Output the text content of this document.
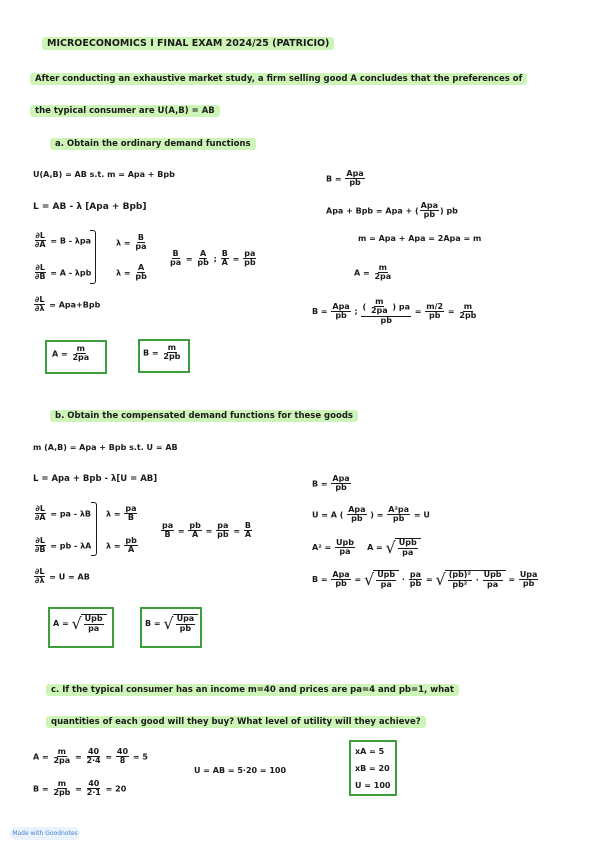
MICROECONOMICS I FINAL EXAM 2024/25 (PATRICIO)
After conducting an exhaustive market study, a firm selling good A concludes that the preferences of
the typical consumer are U(A,B) = AB
a. Obtain the ordinary demand functions
U(A,B) = AB s.t. m = Apa + Bpb
L = AB - λ [Apa + Bpb]
$\frac{\partial L}{\partial A} = B - \lambda pa$
$\frac{\partial L}{\partial B} = A - \lambda pb$
$\frac{\partial L}{\partial\lambda} = Apa+Bpb$
$\lambda = \frac{B}{pa}$
$\lambda = \frac{A}{pb}$
$\frac{B}{pa} = \frac{A}{pb}$ ; $\frac{B}{A} = \frac{pa}{pb}$
$B = \frac{\text{Apa}}{pb}$
Apa + Bpb = Apa + ( $\frac{\text{Apa}}{pb}$ ) pb
m = Apa + Apa = 2Apa = m
$A = \frac{m}{2pa}$
$B = \frac{\text{Apa}}{pb}$ ; $\frac{( \frac{m}{2pa} ) pa}{pb} = \frac{m/2}{pb} = \frac{m}{2pb}$
$A = \frac{m}{2pa}$	$B = \frac{m}{2pb}$
b. Obtain the compensated demand functions for these goods
m (A,B) = Apa + Bpb s.t. U = AB
L = Apa + Bpb - λ[U = AB]
$\frac{\partial L}{\partial A}$ = pa - λB
$\frac{\partial L}{\partial B}$ = pb - λA
$\frac{\partial L}{\partial\lambda} = U$ = AB
$\lambda = \frac{pa}{B}$
$\lambda = \frac{pb}{A}$
$\frac{pa}{B} = \frac{pb}{A} = \frac{pa}{pb} = \frac{B}{A}$
$B = \frac{\text{Apa}}{pb}$
U = A ( $\frac{\text{Apa}}{pb}$ ) = $\frac{\text{A²pa}}{pb} = U$
$A^2 = \frac{\text{Upb}}{pa}$ A = √ $\frac{\text{Upb}}{pa}$
$B = \frac{\text{Apa}}{pb}$ = √ $\frac{\text{Upb}}{pa} \cdot \frac{pa}{pb}$ = √ $\frac{\text{(pb)²}}{\text{pb²}} \cdot \frac{\text{Upb}}{pa} = \frac{\text{Upa}}{pb}$
A = √ $\frac{\text{Upb}}{pa}$	B = √ $\frac{\text{Upa}}{pb}$
c. If the typical consumer has an income m=40 and prices are pa=4 and pb=1, what
quantities of each good will they buy? What level of utility will they achieve?
$A = \frac{m}{2pa} = \frac{40}{2\cdot 4} = \frac{40}{8} = 5$
$B = \frac{m}{2pb} = \frac{40}{2\cdot 1} = 20$
U = AB = 5·20 = 100
xA = 5
xB = 20
U = 100
Made with Goodnotes
